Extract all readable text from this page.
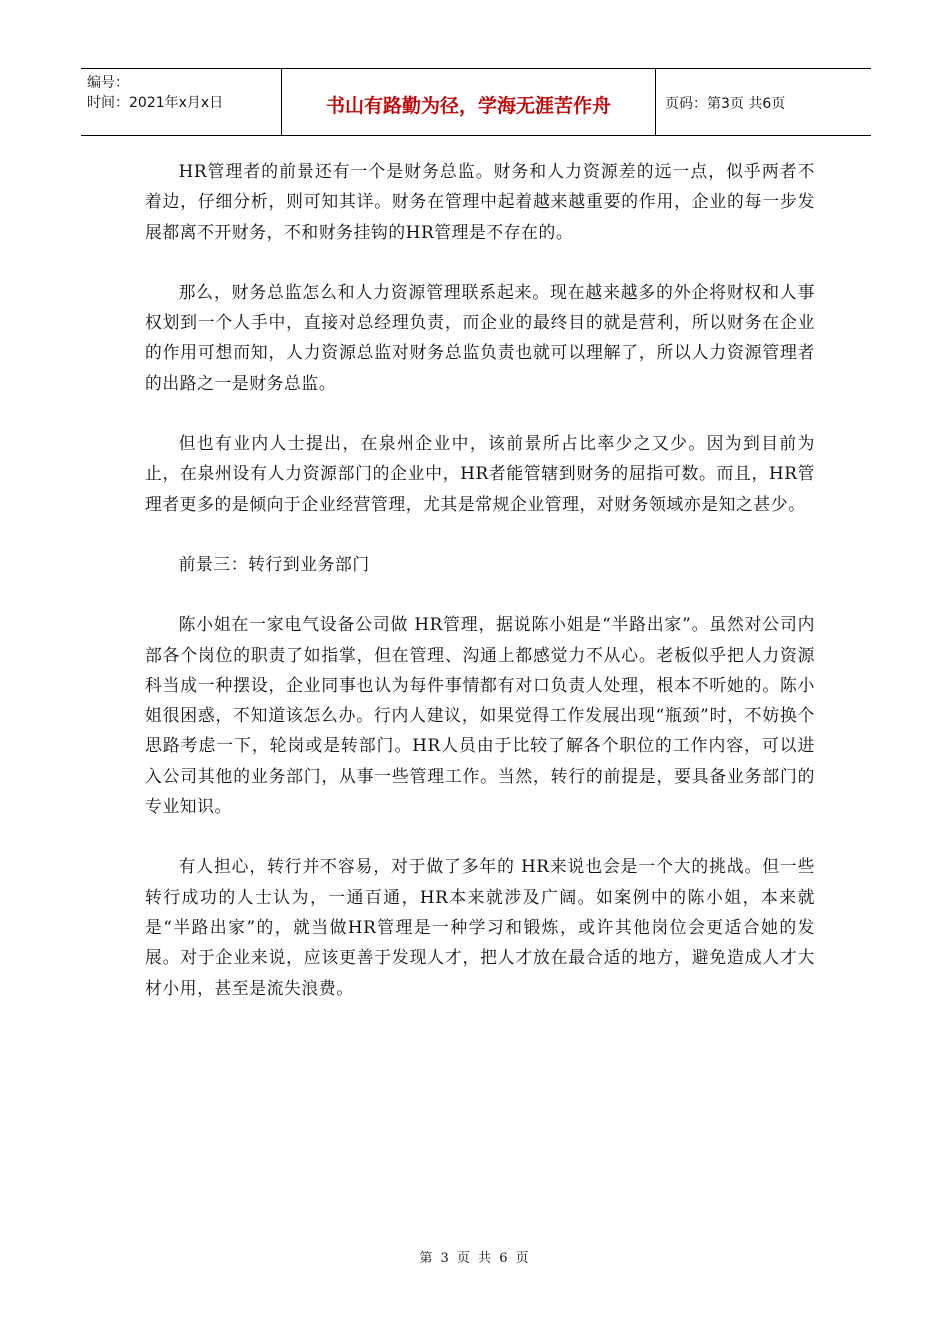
编号：
时间：2021年x月x日	书山有路勤为径，学海无涯苦作舟	页码：第3页 共6页

HR管理者的前景还有一个是财务总监。财务和人力资源差的远一点，似乎两者不着边，仔细分析，则可知其详。财务在管理中起着越来越重要的作用，企业的每一步发展都离不开财务，不和财务挂钩的HR管理是不存在的。

那么，财务总监怎么和人力资源管理联系起来。现在越来越多的外企将财权和人事权划到一个人手中，直接对总经理负责，而企业的最终目的就是营利，所以财务在企业的作用可想而知，人力资源总监对财务总监负责也就可以理解了，所以人力资源管理者的出路之一是财务总监。

但也有业内人士提出，在泉州企业中，该前景所占比率少之又少。因为到目前为止，在泉州设有人力资源部门的企业中，HR者能管辖到财务的屈指可数。而且，HR管理者更多的是倾向于企业经营管理，尤其是常规企业管理，对财务领域亦是知之甚少。

前景三：转行到业务部门

陈小姐在一家电气设备公司做 HR管理，据说陈小姐是“半路出家”。虽然对公司内部各个岗位的职责了如指掌，但在管理、沟通上都感觉力不从心。老板似乎把人力资源科当成一种摆设，企业同事也认为每件事情都有对口负责人处理，根本不听她的。陈小姐很困惑，不知道该怎么办。行内人建议，如果觉得工作发展出现“瓶颈”时，不妨换个思路考虑一下，轮岗或是转部门。HR人员由于比较了解各个职位的工作内容，可以进入公司其他的业务部门，从事一些管理工作。当然，转行的前提是，要具备业务部门的专业知识。

有人担心，转行并不容易，对于做了多年的 HR来说也会是一个大的挑战。但一些转行成功的人士认为，一通百通，HR本来就涉及广阔。如案例中的陈小姐，本来就是“半路出家”的，就当做HR管理是一种学习和锻炼，或许其他岗位会更适合她的发展。对于企业来说，应该更善于发现人才，把人才放在最合适的地方，避免造成人才大材小用，甚至是流失浪费。

第 3 页 共 6 页
